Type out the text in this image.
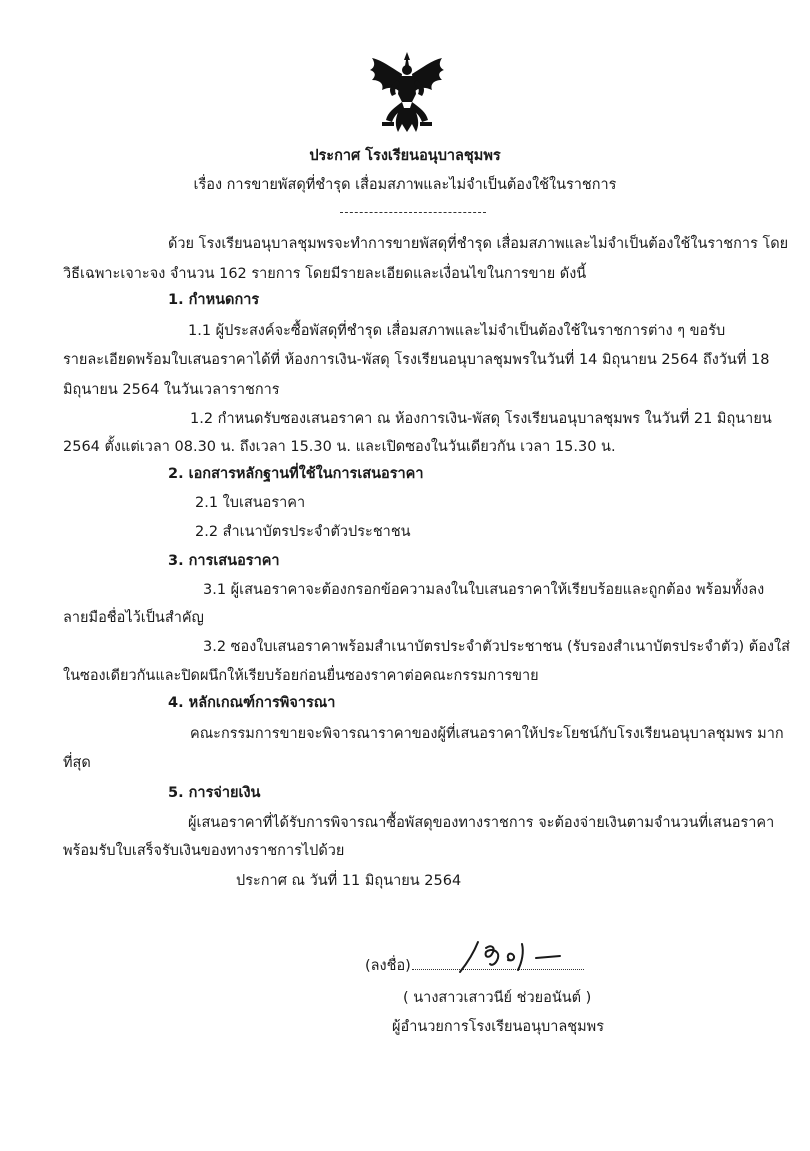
ประกาศ โรงเรียนอนุบาลชุมพร
เรื่อง การขายพัสดุที่ชำรุด เสื่อมสภาพและไม่จำเป็นต้องใช้ในราชการ
ด้วย โรงเรียนอนุบาลชุมพรจะทำการขายพัสดุที่ชำรุด เสื่อมสภาพและไม่จำเป็นต้องใช้ในราชการ โดย
วิธีเฉพาะเจาะจง จำนวน 162 รายการ โดยมีรายละเอียดและเงื่อนไขในการขาย ดังนี้
1. กำหนดการ
1.1 ผู้ประสงค์จะซื้อพัสดุที่ชำรุด เสื่อมสภาพและไม่จำเป็นต้องใช้ในราชการต่าง ๆ ขอรับ
รายละเอียดพร้อมใบเสนอราคาได้ที่ ห้องการเงิน-พัสดุ โรงเรียนอนุบาลชุมพรในวันที่ 14 มิถุนายน 2564 ถึงวันที่ 18
มิถุนายน 2564 ในวันเวลาราชการ
1.2 กำหนดรับซองเสนอราคา ณ ห้องการเงิน-พัสดุ โรงเรียนอนุบาลชุมพร ในวันที่ 21 มิถุนายน
2564 ตั้งแต่เวลา 08.30 น. ถึงเวลา 15.30 น. และเปิดซองในวันเดียวกัน เวลา 15.30 น.
2. เอกสารหลักฐานที่ใช้ในการเสนอราคา
2.1 ใบเสนอราคา
2.2 สำเนาบัตรประจำตัวประชาชน
3. การเสนอราคา
3.1 ผู้เสนอราคาจะต้องกรอกข้อความลงในใบเสนอราคาให้เรียบร้อยและถูกต้อง พร้อมทั้งลง
ลายมือชื่อไว้เป็นสำคัญ
3.2 ซองใบเสนอราคาพร้อมสำเนาบัตรประจำตัวประชาชน (รับรองสำเนาบัตรประจำตัว) ต้องใส่
ในซองเดียวกันและปิดผนึกให้เรียบร้อยก่อนยื่นซองราคาต่อคณะกรรมการขาย
4. หลักเกณฑ์การพิจารณา
คณะกรรมการขายจะพิจารณาราคาของผู้ที่เสนอราคาให้ประโยชน์กับโรงเรียนอนุบาลชุมพร มาก
ที่สุด
5. การจ่ายเงิน
ผู้เสนอราคาที่ได้รับการพิจารณาซื้อพัสดุของทางราชการ จะต้องจ่ายเงินตามจำนวนที่เสนอราคา
พร้อมรับใบเสร็จรับเงินของทางราชการไปด้วย
ประกาศ ณ วันที่ 11 มิถุนายน 2564
(ลงชื่อ)
( นางสาวเสาวนีย์ ช่วยอนันต์ )
ผู้อำนวยการโรงเรียนอนุบาลชุมพร
